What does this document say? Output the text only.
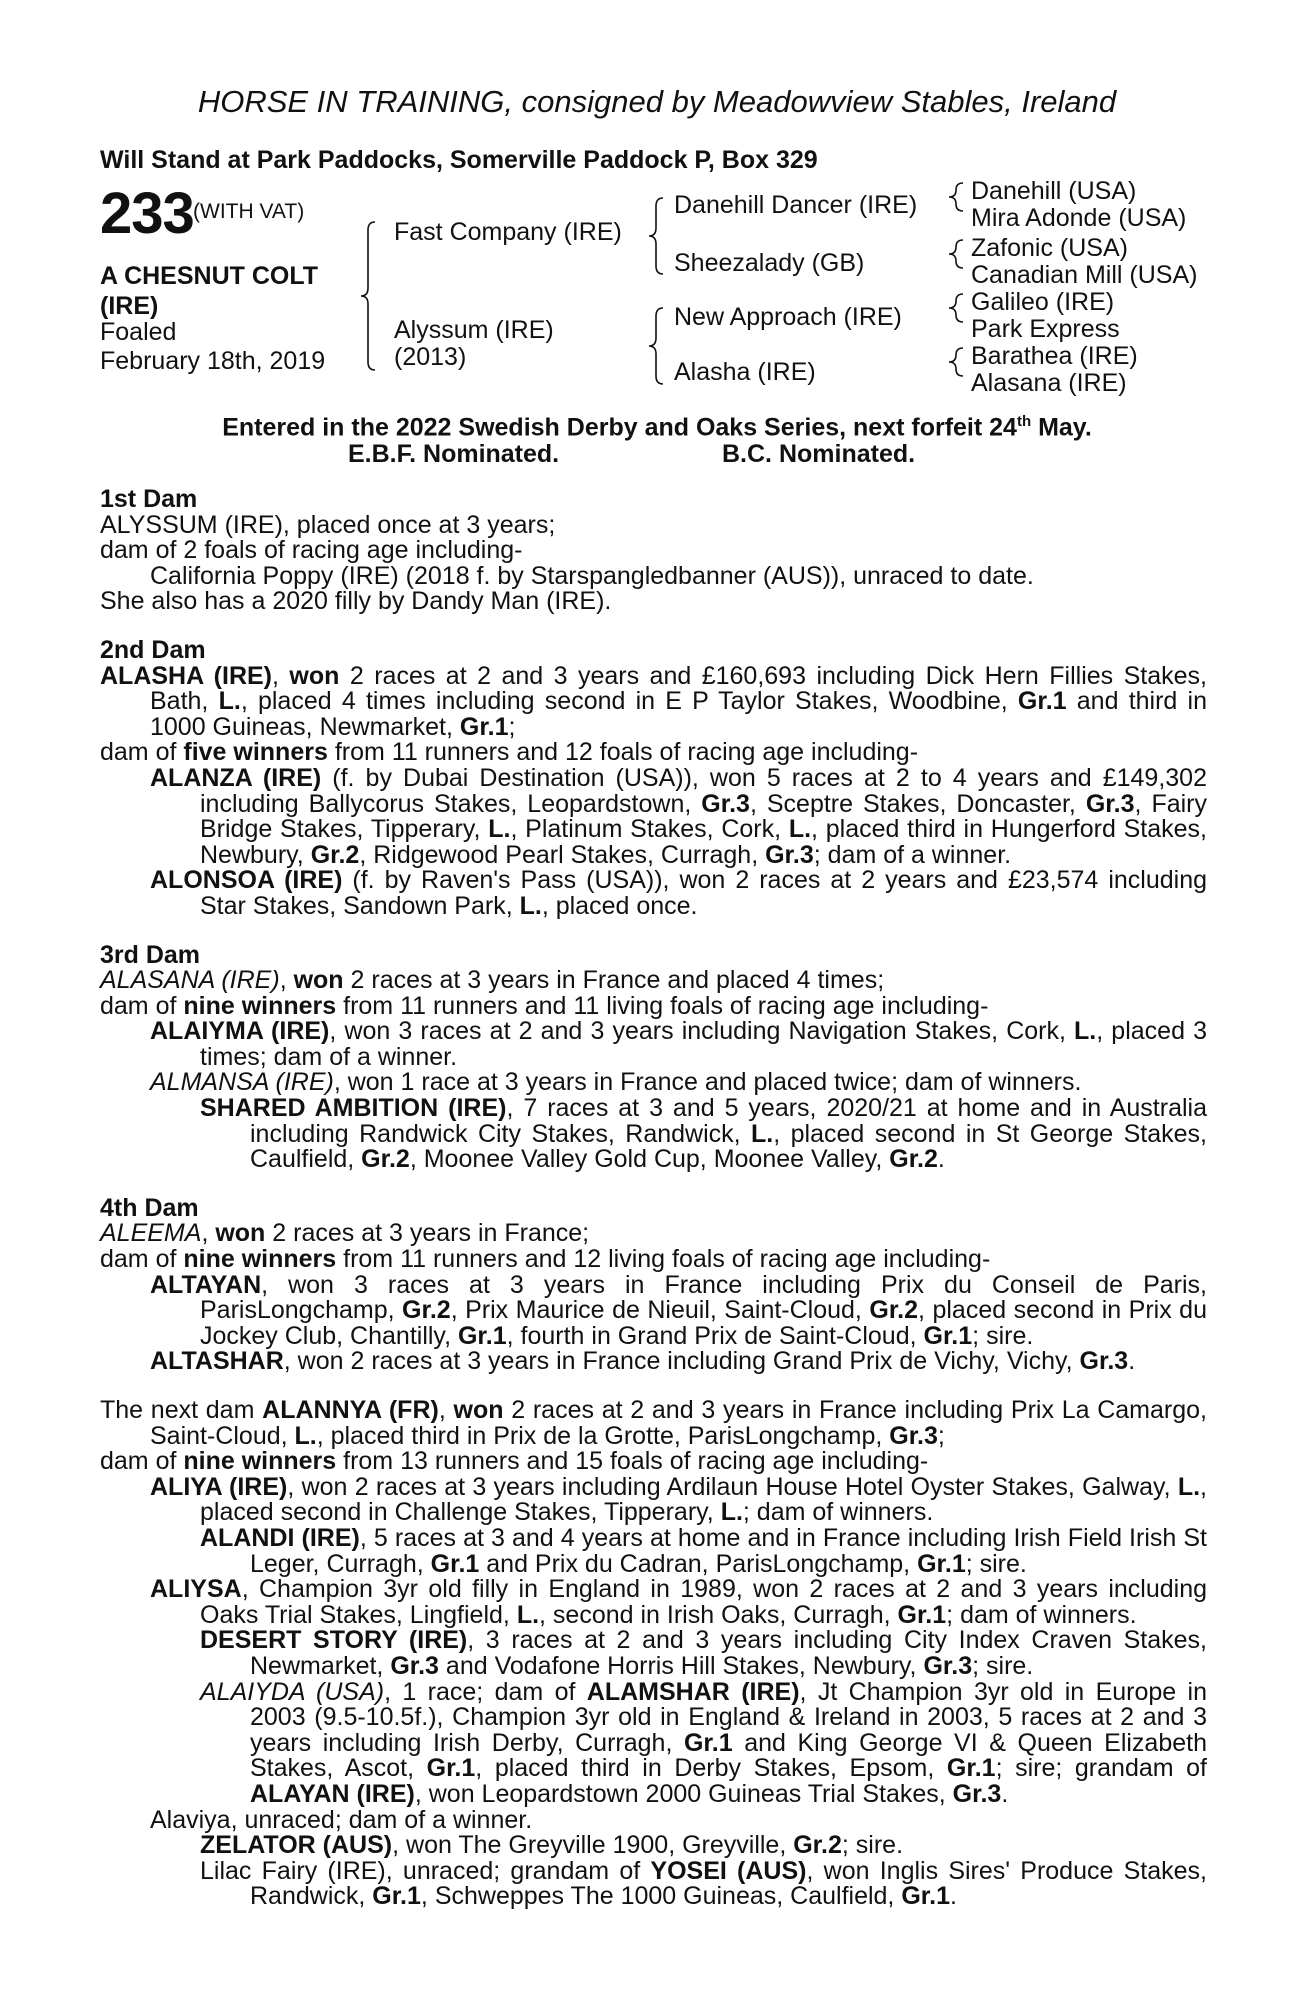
HORSE IN TRAINING, consigned by Meadowview Stables, Ireland
Will Stand at Park Paddocks, Somerville Paddock P, Box 329
233 (WITH VAT)
A CHESNUT COLT
(IRE)
Foaled
February 18th, 2019
Fast Company (IRE)
Alyssum (IRE)
(2013)
Danehill Dancer (IRE)
Sheezalady (GB)
New Approach (IRE)
Alasha (IRE)
Danehill (USA)
Mira Adonde (USA)
Zafonic (USA)
Canadian Mill (USA)
Galileo (IRE)
Park Express
Barathea (IRE)
Alasana (IRE)
Entered in the 2022 Swedish Derby and Oaks Series, next forfeit 24th May.
E.B.F. Nominated.	B.C. Nominated.

1st Dam

ALYSSUM (IRE), placed once at 3 years;

dam of 2 foals of racing age including-

California Poppy (IRE) (2018 f. by Starspangledbanner (AUS)), unraced to date.

She also has a 2020 filly by Dandy Man (IRE).

2nd Dam

ALASHA (IRE), won 2 races at 2 and 3 years and £160,693 including Dick Hern Fillies Stakes, Bath, L., placed 4 times including second in E P Taylor Stakes, Woodbine, Gr.1 and third in 1000 Guineas, Newmarket, Gr.1;

dam of five winners from 11 runners and 12 foals of racing age including-

ALANZA (IRE) (f. by Dubai Destination (USA)), won 5 races at 2 to 4 years and £149,302 including Ballycorus Stakes, Leopardstown, Gr.3, Sceptre Stakes, Doncaster, Gr.3, Fairy Bridge Stakes, Tipperary, L., Platinum Stakes, Cork, L., placed third in Hungerford Stakes, Newbury, Gr.2, Ridgewood Pearl Stakes, Curragh, Gr.3; dam of a winner.

ALONSOA (IRE) (f. by Raven's Pass (USA)), won 2 races at 2 years and £23,574 including Star Stakes, Sandown Park, L., placed once.

3rd Dam

ALASANA (IRE), won 2 races at 3 years in France and placed 4 times;

dam of nine winners from 11 runners and 11 living foals of racing age including-

ALAIYMA (IRE), won 3 races at 2 and 3 years including Navigation Stakes, Cork, L., placed 3 times; dam of a winner.

ALMANSA (IRE), won 1 race at 3 years in France and placed twice; dam of winners.

SHARED AMBITION (IRE), 7 races at 3 and 5 years, 2020/21 at home and in Australia including Randwick City Stakes, Randwick, L., placed second in St George Stakes, Caulfield, Gr.2, Moonee Valley Gold Cup, Moonee Valley, Gr.2.

4th Dam

ALEEMA, won 2 races at 3 years in France;

dam of nine winners from 11 runners and 12 living foals of racing age including-

ALTAYAN, won 3 races at 3 years in France including Prix du Conseil de Paris, ParisLongchamp, Gr.2, Prix Maurice de Nieuil, Saint-Cloud, Gr.2, placed second in Prix du Jockey Club, Chantilly, Gr.1, fourth in Grand Prix de Saint-Cloud, Gr.1; sire.

ALTASHAR, won 2 races at 3 years in France including Grand Prix de Vichy, Vichy, Gr.3.

The next dam ALANNYA (FR), won 2 races at 2 and 3 years in France including Prix La Camargo, Saint-Cloud, L., placed third in Prix de la Grotte, ParisLongchamp, Gr.3;

dam of nine winners from 13 runners and 15 foals of racing age including-

ALIYA (IRE), won 2 races at 3 years including Ardilaun House Hotel Oyster Stakes, Galway, L., placed second in Challenge Stakes, Tipperary, L.; dam of winners.

ALANDI (IRE), 5 races at 3 and 4 years at home and in France including Irish Field Irish St Leger, Curragh, Gr.1 and Prix du Cadran, ParisLongchamp, Gr.1; sire.

ALIYSA, Champion 3yr old filly in England in 1989, won 2 races at 2 and 3 years including Oaks Trial Stakes, Lingfield, L., second in Irish Oaks, Curragh, Gr.1; dam of winners.

DESERT STORY (IRE), 3 races at 2 and 3 years including City Index Craven Stakes, Newmarket, Gr.3 and Vodafone Horris Hill Stakes, Newbury, Gr.3; sire.

ALAIYDA (USA), 1 race; dam of ALAMSHAR (IRE), Jt Champion 3yr old in Europe in 2003 (9.5-10.5f.), Champion 3yr old in England & Ireland in 2003, 5 races at 2 and 3 years including Irish Derby, Curragh, Gr.1 and King George VI & Queen Elizabeth Stakes, Ascot, Gr.1, placed third in Derby Stakes, Epsom, Gr.1; sire; grandam of ALAYAN (IRE), won Leopardstown 2000 Guineas Trial Stakes, Gr.3.

Alaviya, unraced; dam of a winner.

ZELATOR (AUS), won The Greyville 1900, Greyville, Gr.2; sire.

Lilac Fairy (IRE), unraced; grandam of YOSEI (AUS), won Inglis Sires' Produce Stakes, Randwick, Gr.1, Schweppes The 1000 Guineas, Caulfield, Gr.1.
